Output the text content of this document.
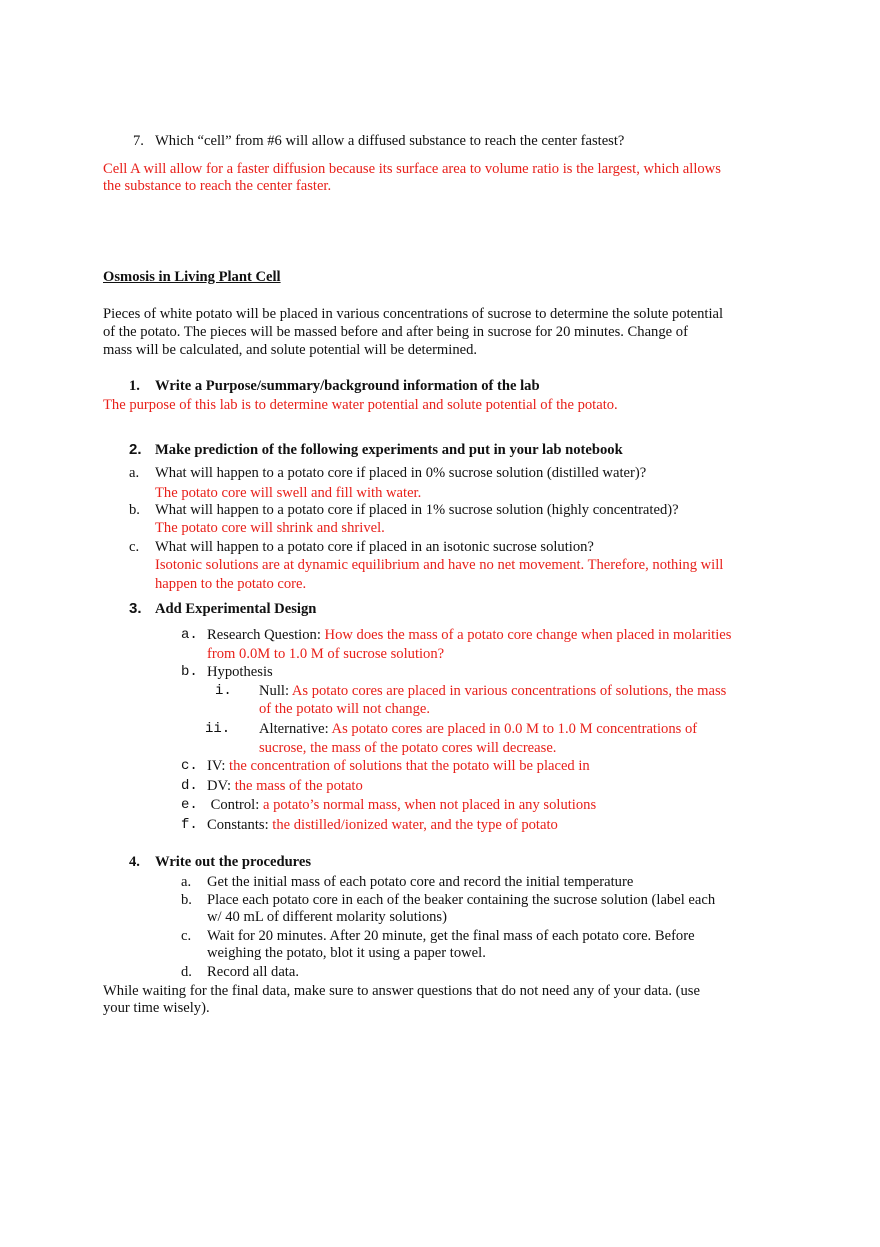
7. Which “cell” from #6 will allow a diffused substance to reach the center fastest?
Cell A will allow for a faster diffusion because its surface area to volume ratio is the largest, which allows
the substance to reach the center faster.
Osmosis in Living Plant Cell
Pieces of white potato will be placed in various concentrations of sucrose to determine the solute potential
of the potato. The pieces will be massed before and after being in sucrose for 20 minutes. Change of
mass will be calculated, and solute potential will be determined.
1. Write a Purpose/summary/background information of the lab
The purpose of this lab is to determine water potential and solute potential of the potato.
2. Make prediction of the following experiments and put in your lab notebook
a. What will happen to a potato core if placed in 0% sucrose solution (distilled water)?
The potato core will swell and fill with water.
b. What will happen to a potato core if placed in 1% sucrose solution (highly concentrated)?
The potato core will shrink and shrivel.
c. What will happen to a potato core if placed in an isotonic sucrose solution?
Isotonic solutions are at dynamic equilibrium and have no net movement. Therefore, nothing will
happen to the potato core.
3. Add Experimental Design
a. Research Question: How does the mass of a potato core change when placed in molarities
from 0.0M to 1.0 M of sucrose solution?
b. Hypothesis
i. Null: As potato cores are placed in various concentrations of solutions, the mass
of the potato will not change.
ii. Alternative: As potato cores are placed in 0.0 M to 1.0 M concentrations of
sucrose, the mass of the potato cores will decrease.
c. IV: the concentration of solutions that the potato will be placed in
d. DV: the mass of the potato
e. Control: a potato’s normal mass, when not placed in any solutions
f. Constants: the distilled/ionized water, and the type of potato
4. Write out the procedures
a. Get the initial mass of each potato core and record the initial temperature
b. Place each potato core in each of the beaker containing the sucrose solution (label each
w/ 40 mL of different molarity solutions)
c. Wait for 20 minutes. After 20 minute, get the final mass of each potato core. Before
weighing the potato, blot it using a paper towel.
d. Record all data.
While waiting for the final data, make sure to answer questions that do not need any of your data. (use
your time wisely).
